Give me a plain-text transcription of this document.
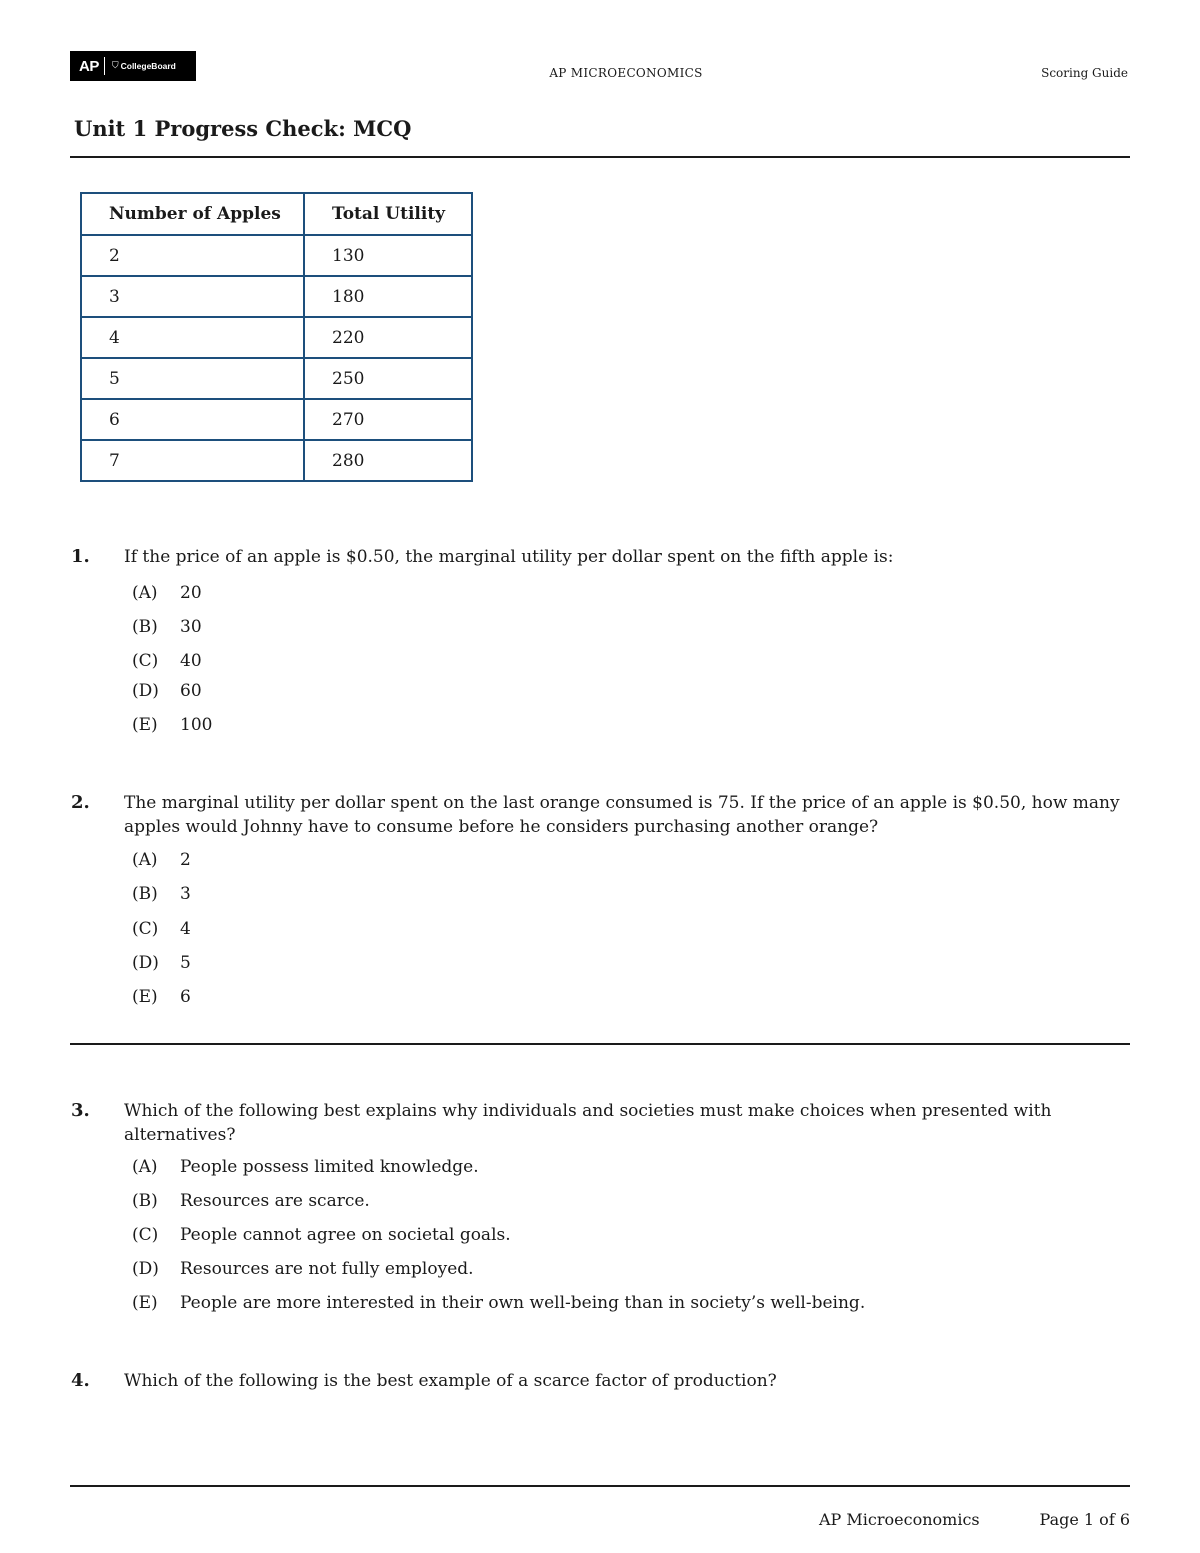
AP ⛉ CollegeBoard	AP MICROECONOMICS	Scoring Guide
Unit 1 Progress Check: MCQ
Number of Apples	Total Utility
2	130
3	180
4	220
5	250
6	270
7	280
1. If the price of an apple is $0.50, the marginal utility per dollar spent on the fifth apple is:
(A)	20
(B)	30
(C)	40
(D)	60
(E)	100
2. The marginal utility per dollar spent on the last orange consumed is 75. If the price of an apple is $0.50, how many apples would Johnny have to consume before he considers purchasing another orange?
(A)	2
(B)	3
(C)	4
(D)	5
(E)	6
3. Which of the following best explains why individuals and societies must make choices when presented with alternatives?
(A)	People possess limited knowledge.
(B)	Resources are scarce.
(C)	People cannot agree on societal goals.
(D)	Resources are not fully employed.
(E)	People are more interested in their own well-being than in society’s well-being.
4. Which of the following is the best example of a scarce factor of production?
AP Microeconomics	Page 1 of 6
